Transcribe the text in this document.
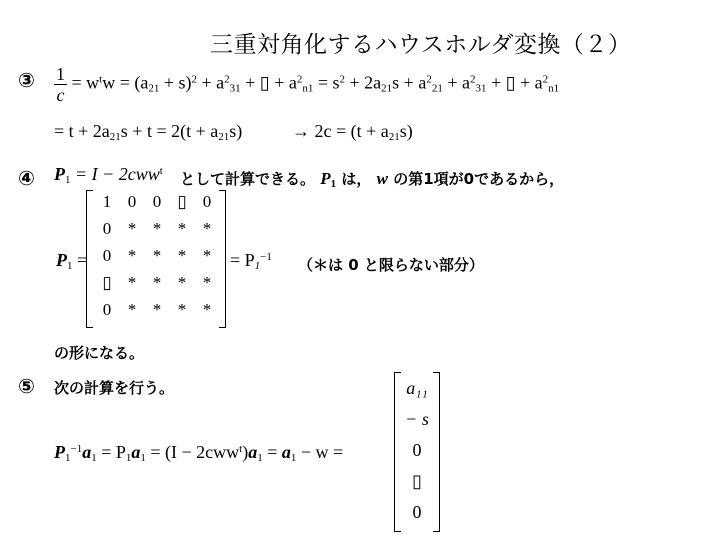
三重対角化するハウスホルダ変換（２）
③ $\frac{1}{c} = w^tw = (a_{21} + s)^2 + a^2_{31}$ + ▯ + $a^2_{n1} = s^2 + 2a_{21}s + a^2_{21} + a^2_{31}$ + ▯ + $a^2_{n1}$
= $t + 2a_{21}s + t = 2(t + a_{21}s)$	→ $2c = (t + a_{21}s)$
④ $P_1 = I - 2cww^t$ として計算できる。 $P_1$ は， w の第1項が0であるから，
$P_1$ =
1 0 0 ▯ 0
0 * * * *
0 * * * *
▯ * * * *
0 * * * *
= $P_1^{-1}$ （＊は 0 と限らない部分）
の形になる。
⑤ 次の計算を行う。
$P_1^{-1}a_1 = P_1a_1 = (I - 2cww^t)a_1 = a_1 - w$ =
a₁₁
− s
0
▯
0
